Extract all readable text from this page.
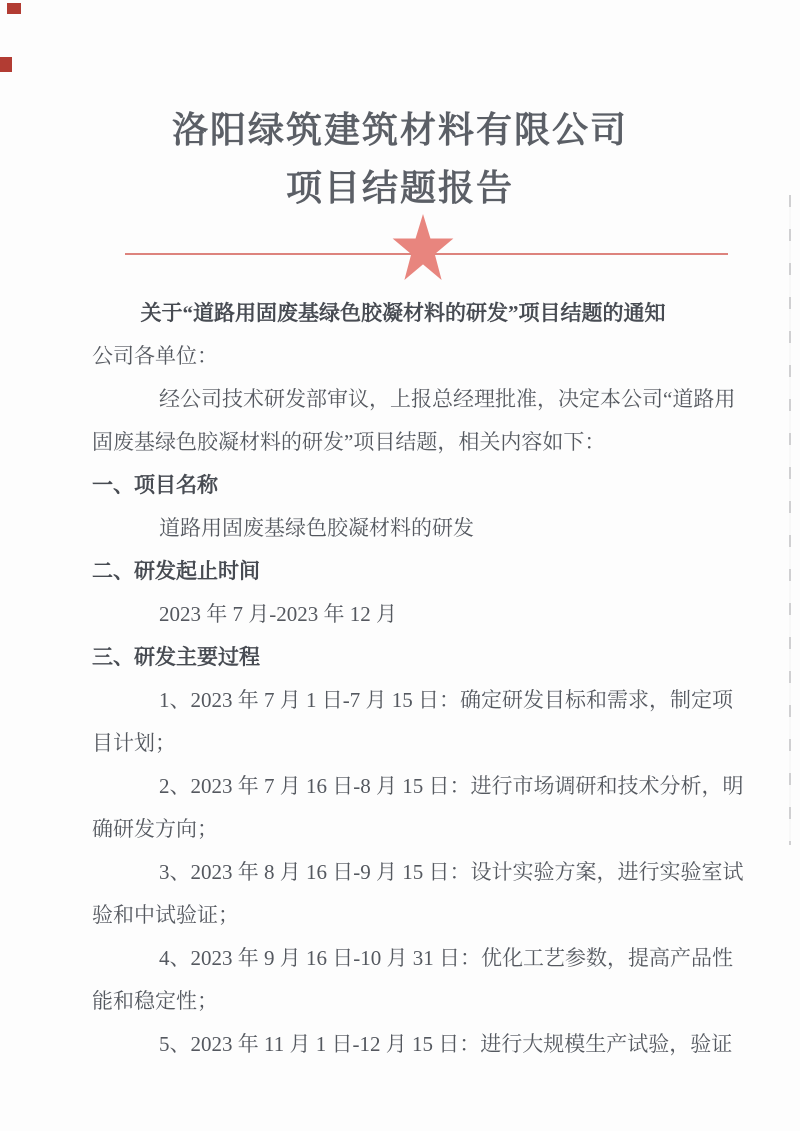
洛阳绿筑建筑材料有限公司
项目结题报告
关于“道路用固废基绿色胶凝材料的研发”项目结题的通知
公司各单位：
经公司技术研发部审议，上报总经理批准，决定本公司“道路用
固废基绿色胶凝材料的研发”项目结题，相关内容如下：
一、项目名称
道路用固废基绿色胶凝材料的研发
二、研发起止时间
2023 年 7 月-2023 年 12 月
三、研发主要过程
1、2023 年 7 月 1 日-7 月 15 日：确定研发目标和需求，制定项
目计划；
2、2023 年 7 月 16 日-8 月 15 日：进行市场调研和技术分析，明
确研发方向；
3、2023 年 8 月 16 日-9 月 15 日：设计实验方案，进行实验室试
验和中试验证；
4、2023 年 9 月 16 日-10 月 31 日：优化工艺参数，提高产品性
能和稳定性；
5、2023 年 11 月 1 日-12 月 15 日：进行大规模生产试验，验证
